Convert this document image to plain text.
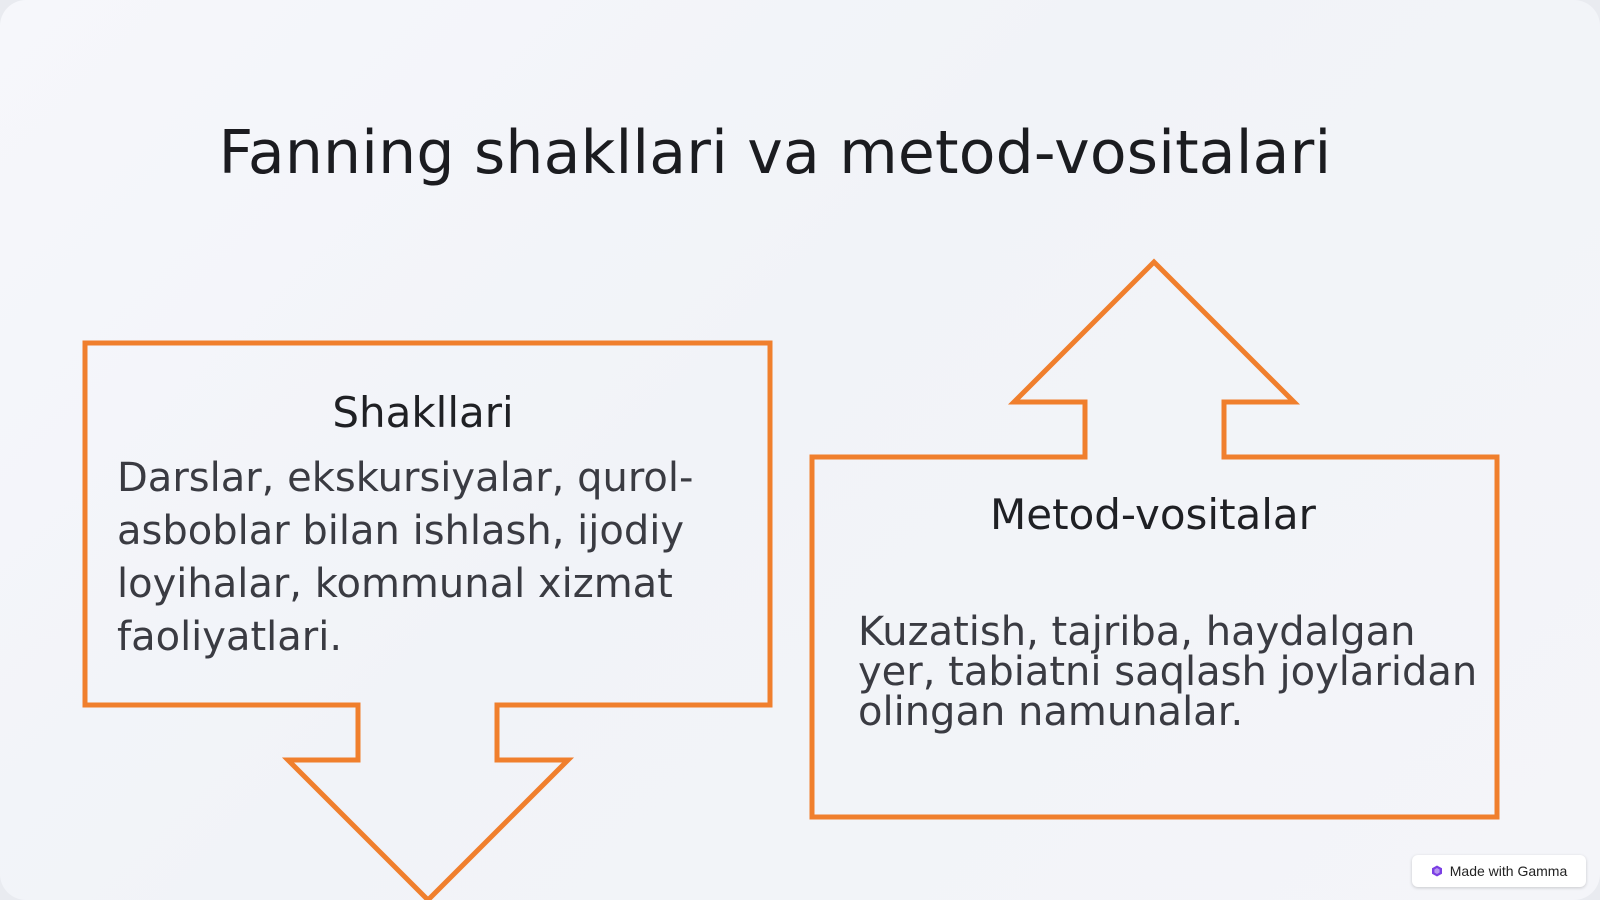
Fanning shakllari va metod-vositalari
Shakllari
Darslar, ekskursiyalar, qurol-asboblar bilan ishlash, ijodiy loyihalar, kommunal xizmat faoliyatlari.
Metod-vositalar
Kuzatish, tajriba, haydalgan yer, tabiatni saqlash joylaridan olingan namunalar.
Made with Gamma
